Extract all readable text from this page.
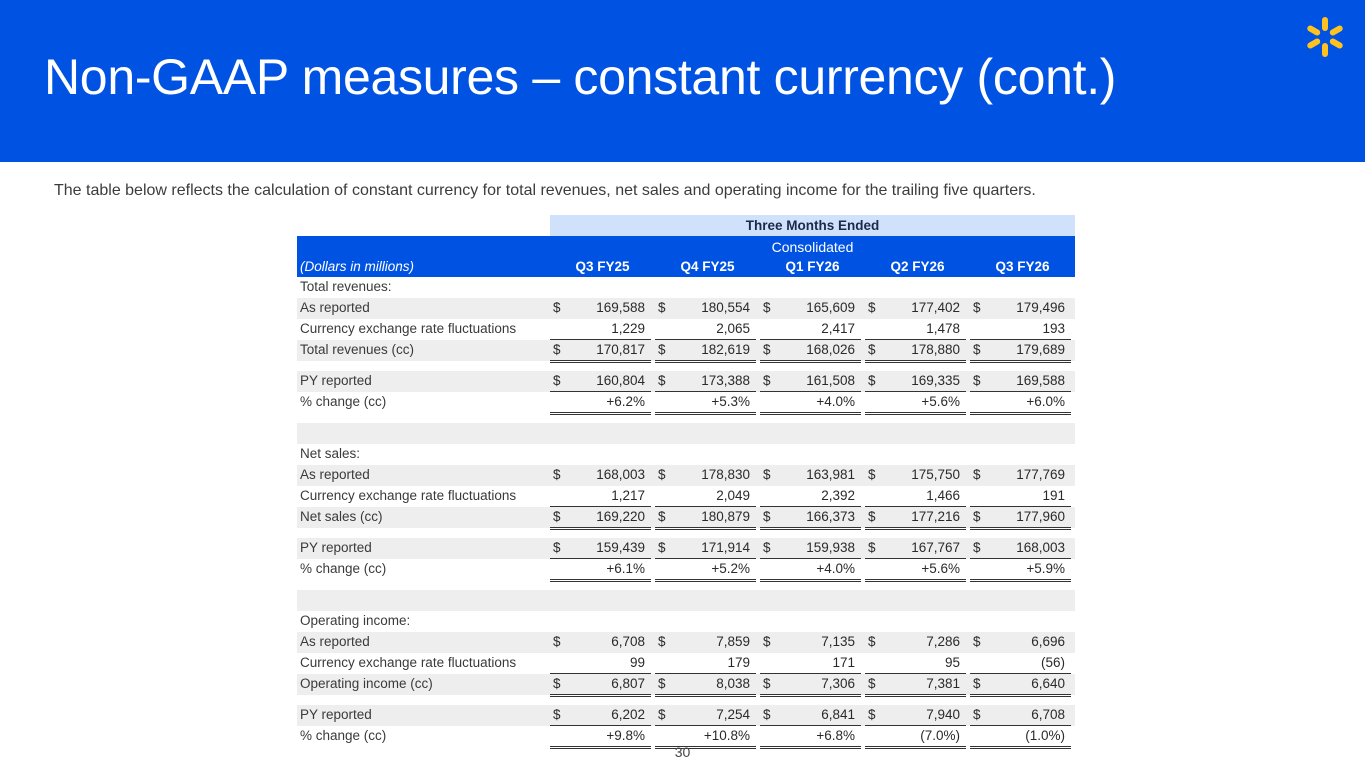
Non-GAAP measures – constant currency (cont.)
The table below reflects the calculation of constant currency for total revenues, net sales and operating income for the trailing five quarters.
Three Months Ended
(Dollars in millions)
Consolidated
Q3 FY25	Q4 FY25	Q1 FY26	Q2 FY26	Q3 FY26
Total revenues:
As reported	$	169,588 $	180,554 $	165,609 $	177,402 $	179,496
Currency exchange rate fluctuations	1,229	2,065	2,417	1,478	193
Total revenues (cc)	$	170,817 $	182,619 $	168,026 $	178,880 $	179,689
PY reported	$	160,804 $	173,388 $	161,508 $	169,335 $	169,588
% change (cc)	+6.2%	+5.3%	+4.0%	+5.6%	+6.0%
Net sales:
As reported	$	168,003 $	178,830 $	163,981 $	175,750 $	177,769
Currency exchange rate fluctuations	1,217	2,049	2,392	1,466	191
Net sales (cc)	$	169,220 $	180,879 $	166,373 $	177,216 $	177,960
PY reported	$	159,439 $	171,914 $	159,938 $	167,767 $	168,003
% change (cc)	+6.1%	+5.2%	+4.0%	+5.6%	+5.9%
Operating income:
As reported	$	6,708 $	7,859 $	7,135 $	7,286 $	6,696
Currency exchange rate fluctuations	99	179	171	95	(56)
Operating income (cc)	$	6,807 $	8,038 $	7,306 $	7,381 $	6,640
PY reported	$	6,202 $	7,254 $	6,841 $	7,940 $	6,708
% change (cc)	+9.8%	+10.8%	+6.8%	(7.0%)	(1.0%)
30
